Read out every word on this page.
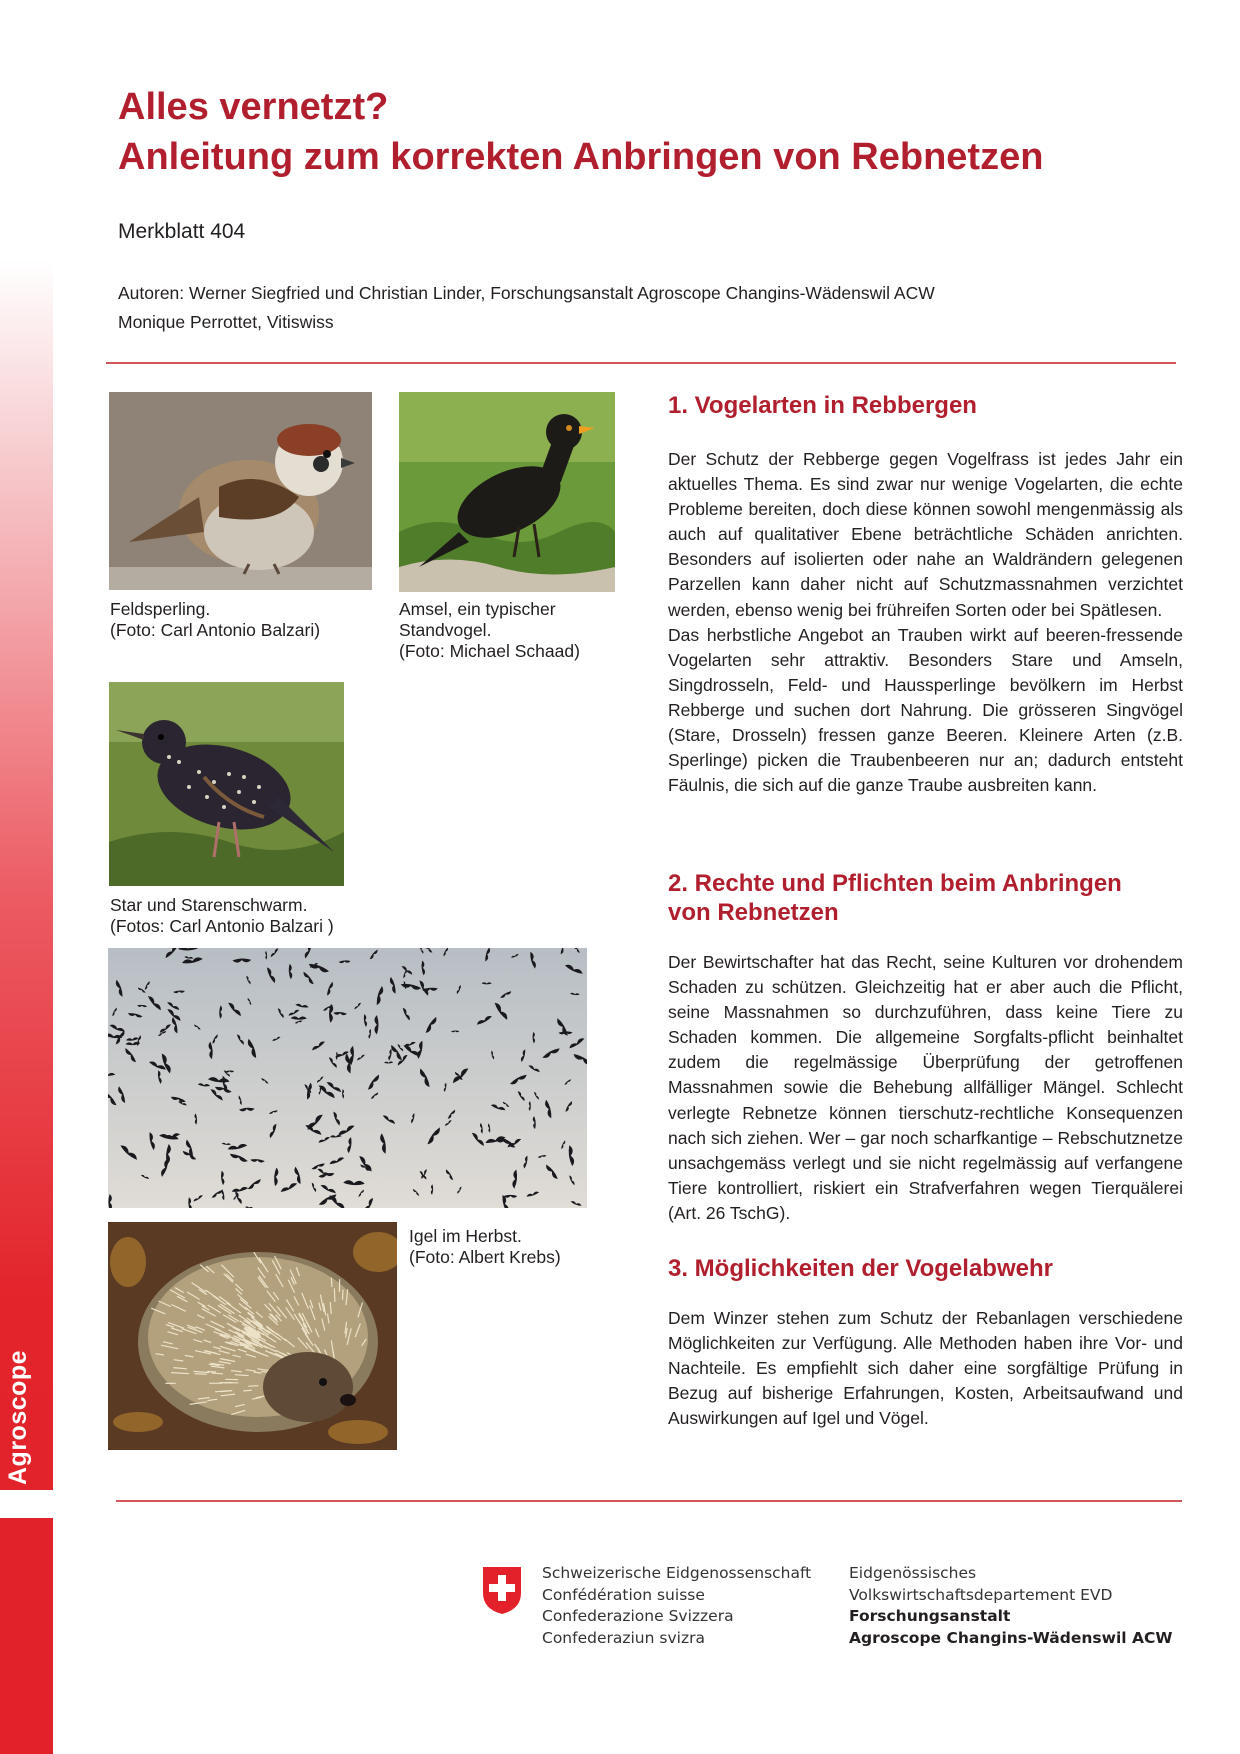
Agroscope
Alles vernetzt?
Anleitung zum korrekten Anbringen von Rebnetzen
Merkblatt 404
Autoren: Werner Siegfried und Christian Linder, Forschungsanstalt Agroscope Changins-Wädenswil ACW
Monique Perrottet, Vitiswiss
Feldsperling.
(Foto: Carl Antonio Balzari)
Amsel, ein typischer
Standvogel.
(Foto: Michael Schaad)
Star und Starenschwarm.
(Fotos: Carl Antonio Balzari )
Igel im Herbst.
(Foto: Albert Krebs)
1. Vogelarten in Rebbergen

Der Schutz der Rebberge gegen Vogelfrass ist jedes Jahr ein aktuelles Thema. Es sind zwar nur wenige Vogelarten, die echte Probleme bereiten, doch diese können sowohl mengenmässig als auch auf qualitativer Ebene beträchtliche Schäden anrichten. Besonders auf isolierten oder nahe an Waldrändern gelegenen Parzellen kann daher nicht auf Schutzmassnahmen verzichtet werden, ebenso wenig bei frühreifen Sorten oder bei Spätlesen.

Das herbstliche Angebot an Trauben wirkt auf beeren-fressende Vogelarten sehr attraktiv. Besonders Stare und Amseln, Singdrosseln, Feld- und Haussperlinge bevölkern im Herbst Rebberge und suchen dort Nahrung. Die grösseren Singvögel (Stare, Drosseln) fressen ganze Beeren. Kleinere Arten (z.B. Sperlinge) picken die Traubenbeeren nur an; dadurch entsteht Fäulnis, die sich auf die ganze Traube ausbreiten kann.

2. Rechte und Pflichten beim Anbringen
von Rebnetzen

Der Bewirtschafter hat das Recht, seine Kulturen vor drohendem Schaden zu schützen. Gleichzeitig hat er aber auch die Pflicht, seine Massnahmen so durchzuführen, dass keine Tiere zu Schaden kommen. Die allgemeine Sorgfalts-pflicht beinhaltet zudem die regelmässige Überprüfung der getroffenen Massnahmen sowie die Behebung allfälliger Mängel. Schlecht verlegte Rebnetze können tierschutz-rechtliche Konsequenzen nach sich ziehen. Wer – gar noch scharfkantige – Rebschutznetze unsachgemäss verlegt und sie nicht regelmässig auf verfangene Tiere kontrolliert, riskiert ein Strafverfahren wegen Tierquälerei (Art. 26 TschG).

3. Möglichkeiten der Vogelabwehr

Dem Winzer stehen zum Schutz der Rebanlagen verschiedene Möglichkeiten zur Verfügung. Alle Methoden haben ihre Vor- und Nachteile. Es empfiehlt sich daher eine sorgfältige Prüfung in Bezug auf bisherige Erfahrungen, Kosten, Arbeitsaufwand und Auswirkungen auf Igel und Vögel.

Schweizerische Eidgenossenschaft
Confédération suisse
Confederazione Svizzera
Confederaziun svizra
Eidgenössisches
Volkswirtschaftsdepartement EVD
Forschungsanstalt
Agroscope Changins-Wädenswil ACW
